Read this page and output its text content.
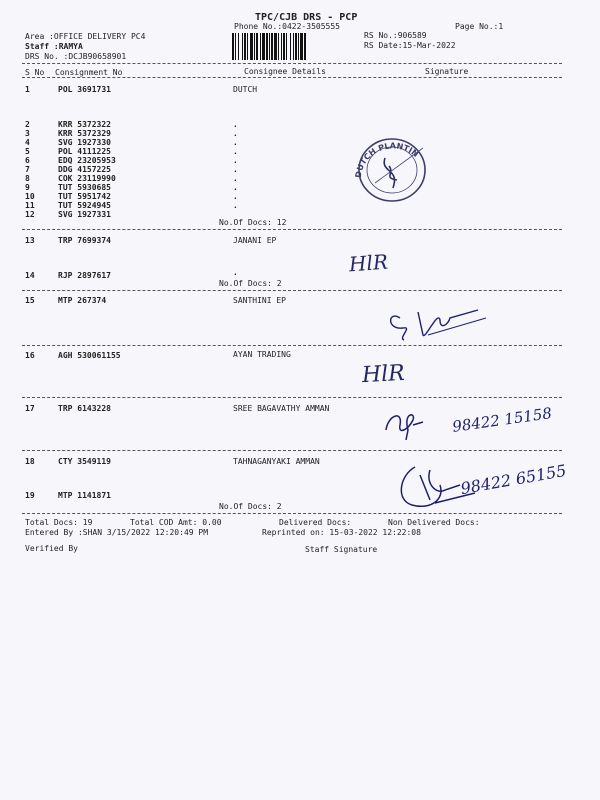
TPC/CJB DRS - PCP
Phone No.:0422-3505555	Page No.:1
Area :OFFICE DELIVERY PC4
Staff :RAMYA
DRS No. :DCJB90658901
RS No.:906589
RS Date:15-Mar-2022
S No Consignment No	Consignee Details	Signature
1	POL 3691731	DUTCH
2	KRR 5372322	.
3	KRR 5372329	.
4	SVG 1927330	.
5	POL 4111225	.
6	EDQ 23205953	.
7	DDG 4157225	.
8	COK 23119990	.
9	TUT 5930685	.
10	TUT 5951742	.
11	TUT 5924945	.
12	SVG 1927331
No.Of Docs: 12
13	TRP 7699374	JANANI EP
14	RJP 2897617	.
No.Of Docs: 2
15	MTP 267374	SANTHINI EP
16	AGH 530061155	AYAN TRADING
17	TRP 6143228	SREE BAGAVATHY AMMAN
18	CTY 3549119	TAHNAGANYAKI AMMAN
19	MTP 1141871
No.Of Docs: 2
Total Docs: 19	Total COD Amt: 0.00	Delivered Docs:	Non Delivered Docs:
Entered By :SHAN 3/15/2022 12:20:49 PM	Reprinted on: 15-03-2022 12:22:08
Verified By	Staff Signature
DUTCH PLANTIN
HlR
HlR
98422 15158
98422 65155
